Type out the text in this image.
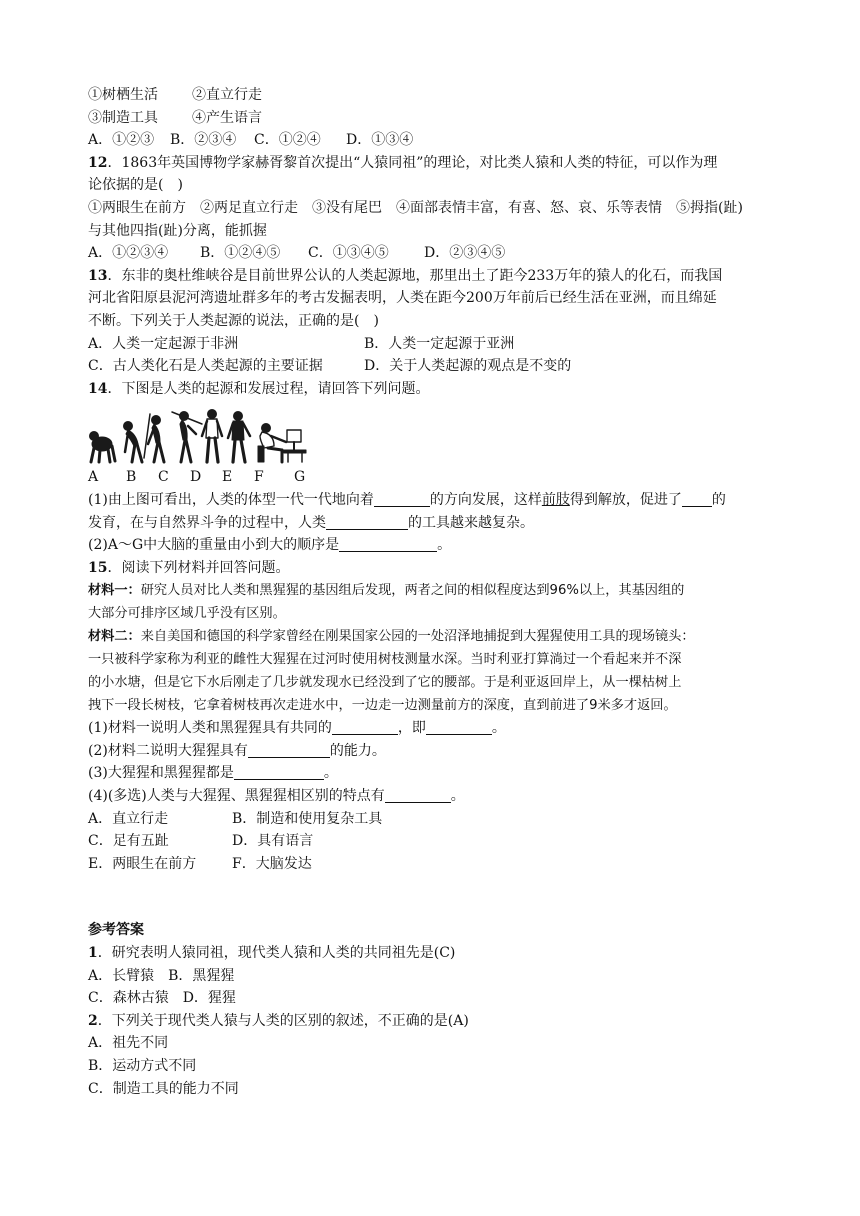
①树栖生活 ②直立行走
③制造工具 ④产生语言
A．①②③ B．②③④ C．①②④ D．①③④
12．1863年英国博物学家赫胥黎首次提出“人猿同祖”的理论，对比类人猿和人类的特征，可以作为理
论依据的是(　)
①两眼生在前方　②两足直立行走　③没有尾巴　④面部表情丰富，有喜、怒、哀、乐等表情　⑤拇指(趾)
与其他四指(趾)分离，能抓握
A．①②③④ B．①②④⑤ C．①③④⑤	D．②③④⑤
13．东非的奥杜维峡谷是目前世界公认的人类起源地，那里出土了距今233万年的猿人的化石，而我国
河北省阳原县泥河湾遗址群多年的考古发掘表明，人类在距今200万年前后已经生活在亚洲，而且绵延
不断。下列关于人类起源的说法，正确的是(　)
A．人类一定起源于非洲	B．人类一定起源于亚洲
C．古人类化石是人类起源的主要证据	D．关于人类起源的观点是不变的
14．下图是人类的起源和发展过程，请回答下列问题。
A B C D E F G
(1)由上图可看出，人类的体型一代一代地向着	的方向发展，这样前肢得到解放，促进了 的
发育，在与自然界斗争的过程中，人类	的工具越来越复杂。
(2)A～G中大脑的重量由小到大的顺序是	。
15．阅读下列材料并回答问题。
材料一：研究人员对比人类和黑猩猩的基因组后发现，两者之间的相似程度达到96%以上，其基因组的
大部分可排序区域几乎没有区别。
材料二：来自美国和德国的科学家曾经在刚果国家公园的一处沼泽地捕捉到大猩猩使用工具的现场镜头：
一只被科学家称为利亚的雌性大猩猩在过河时使用树枝测量水深。当时利亚打算淌过一个看起来并不深
的小水塘，但是它下水后刚走了几步就发现水已经没到了它的腰部。于是利亚返回岸上，从一棵枯树上
拽下一段长树枝，它拿着树枝再次走进水中，一边走一边测量前方的深度，直到前进了9米多才返回。
(1)材料一说明人类和黑猩猩具有共同的	，即	。
(2)材料二说明大猩猩具有	的能力。
(3)大猩猩和黑猩猩都是	。
(4)(多选)人类与大猩猩、黑猩猩相区别的特点有	。
A．直立行走	B．制造和使用复杂工具
C．足有五趾	D．具有语言
E．两眼生在前方	F．大脑发达
参考答案
1．研究表明人猿同祖，现代类人猿和人类的共同祖先是(C)
A．长臂猿　B．黑猩猩
C．森林古猿　D．猩猩
2．下列关于现代类人猿与人类的区别的叙述，不正确的是(A)
A．祖先不同
B．运动方式不同
C．制造工具的能力不同
